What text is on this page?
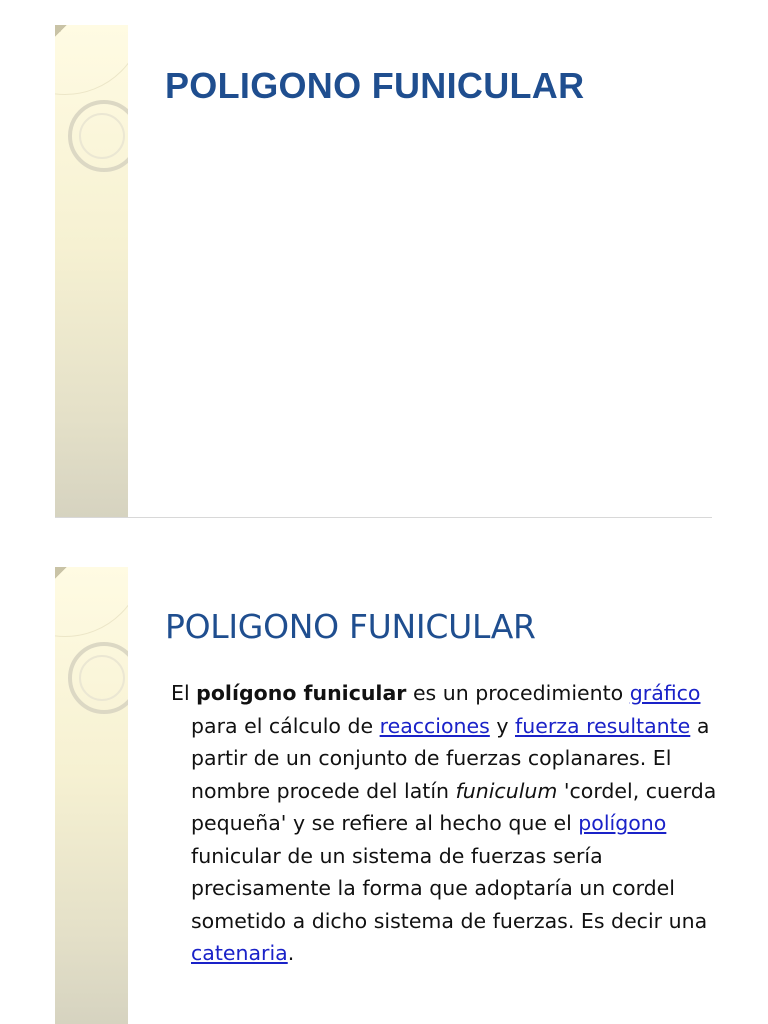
POLIGONO FUNICULAR
POLIGONO FUNICULAR

El polígono funicular es un procedimiento gráfico para el cálculo de reacciones y fuerza resultante a partir de un conjunto de fuerzas coplanares. El nombre procede del latín funiculum 'cordel, cuerda pequeña' y se refiere al hecho que el polígono funicular de un sistema de fuerzas sería precisamente la forma que adoptaría un cordel sometido a dicho sistema de fuerzas. Es decir una catenaria.
